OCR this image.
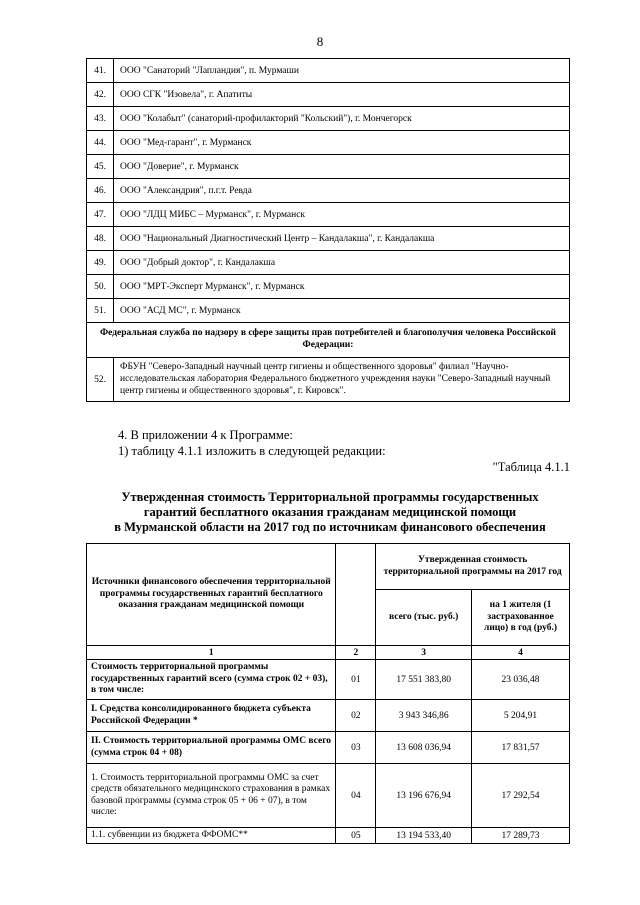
8
41.	ООО "Санаторий "Лапландия", п. Мурмаши
42.	ООО СГК "Изовела", г. Апатиты
43.	ООО "Колабыт" (санаторий-профилакторий "Кольский"), г. Мончегорск
44.	ООО "Мед-гарант", г. Мурманск
45.	ООО "Доверие", г. Мурманск
46.	ООО "Александрия", п.г.т. Ревда
47.	ООО "ЛДЦ МИБС – Мурманск", г. Мурманск
48.	ООО "Национальный Диагностический Центр – Кандалакша", г. Кандалакша
49.	ООО "Добрый доктор", г. Кандалакша
50.	ООО "МРТ-Эксперт Мурманск", г. Мурманск
51.	ООО "АСД МС", г. Мурманск
Федеральная служба по надзору в сфере защиты прав потребителей и благополучия человека Российской Федерации:	
52.	ФБУН "Северо-Западный научный центр гигиены и общественного здоровья" филиал "Научно-исследовательская лаборатория Федерального бюджетного учреждения науки "Северо-Западный научный центр гигиены и общественного здоровья", г. Кировск".
4. В приложении 4 к Программе:
1) таблицу 4.1.1 изложить в следующей редакции:
"Таблица 4.1.1
Утвержденная стоимость Территориальной программы государственных
гарантий бесплатного оказания гражданам медицинской помощи
в Мурманской области на 2017 год по источникам финансового обеспечения
Источники финансового обеспечения территориальной программы государственных гарантий бесплатного оказания гражданам медицинской помощи		Утвержденная стоимость территориальной программы на 2017 год	
		всего (тыс. руб.)	на 1 жителя (1 застрахованное лицо) в год (руб.)
1	2	3	4
Стоимость территориальной программы государственных гарантий всего (сумма строк 02 + 03), в том числе:	01	17 551 383,80	23 036,48
I. Средства консолидированного бюджета субъекта Российской Федерации *	02	3 943 346,86	5 204,91
II. Стоимость территориальной программы ОМС всего (сумма строк 04 + 08)	03	13 608 036,94	17 831,57
1. Стоимость территориальной программы ОМС за счет средств обязательного медицинского страхования в рамках базовой программы (сумма строк 05 + 06 + 07), в том числе:	04	13 196 676,94	17 292,54
1.1. субвенции из бюджета ФФОМС**	05	13 194 533,40	17 289,73
